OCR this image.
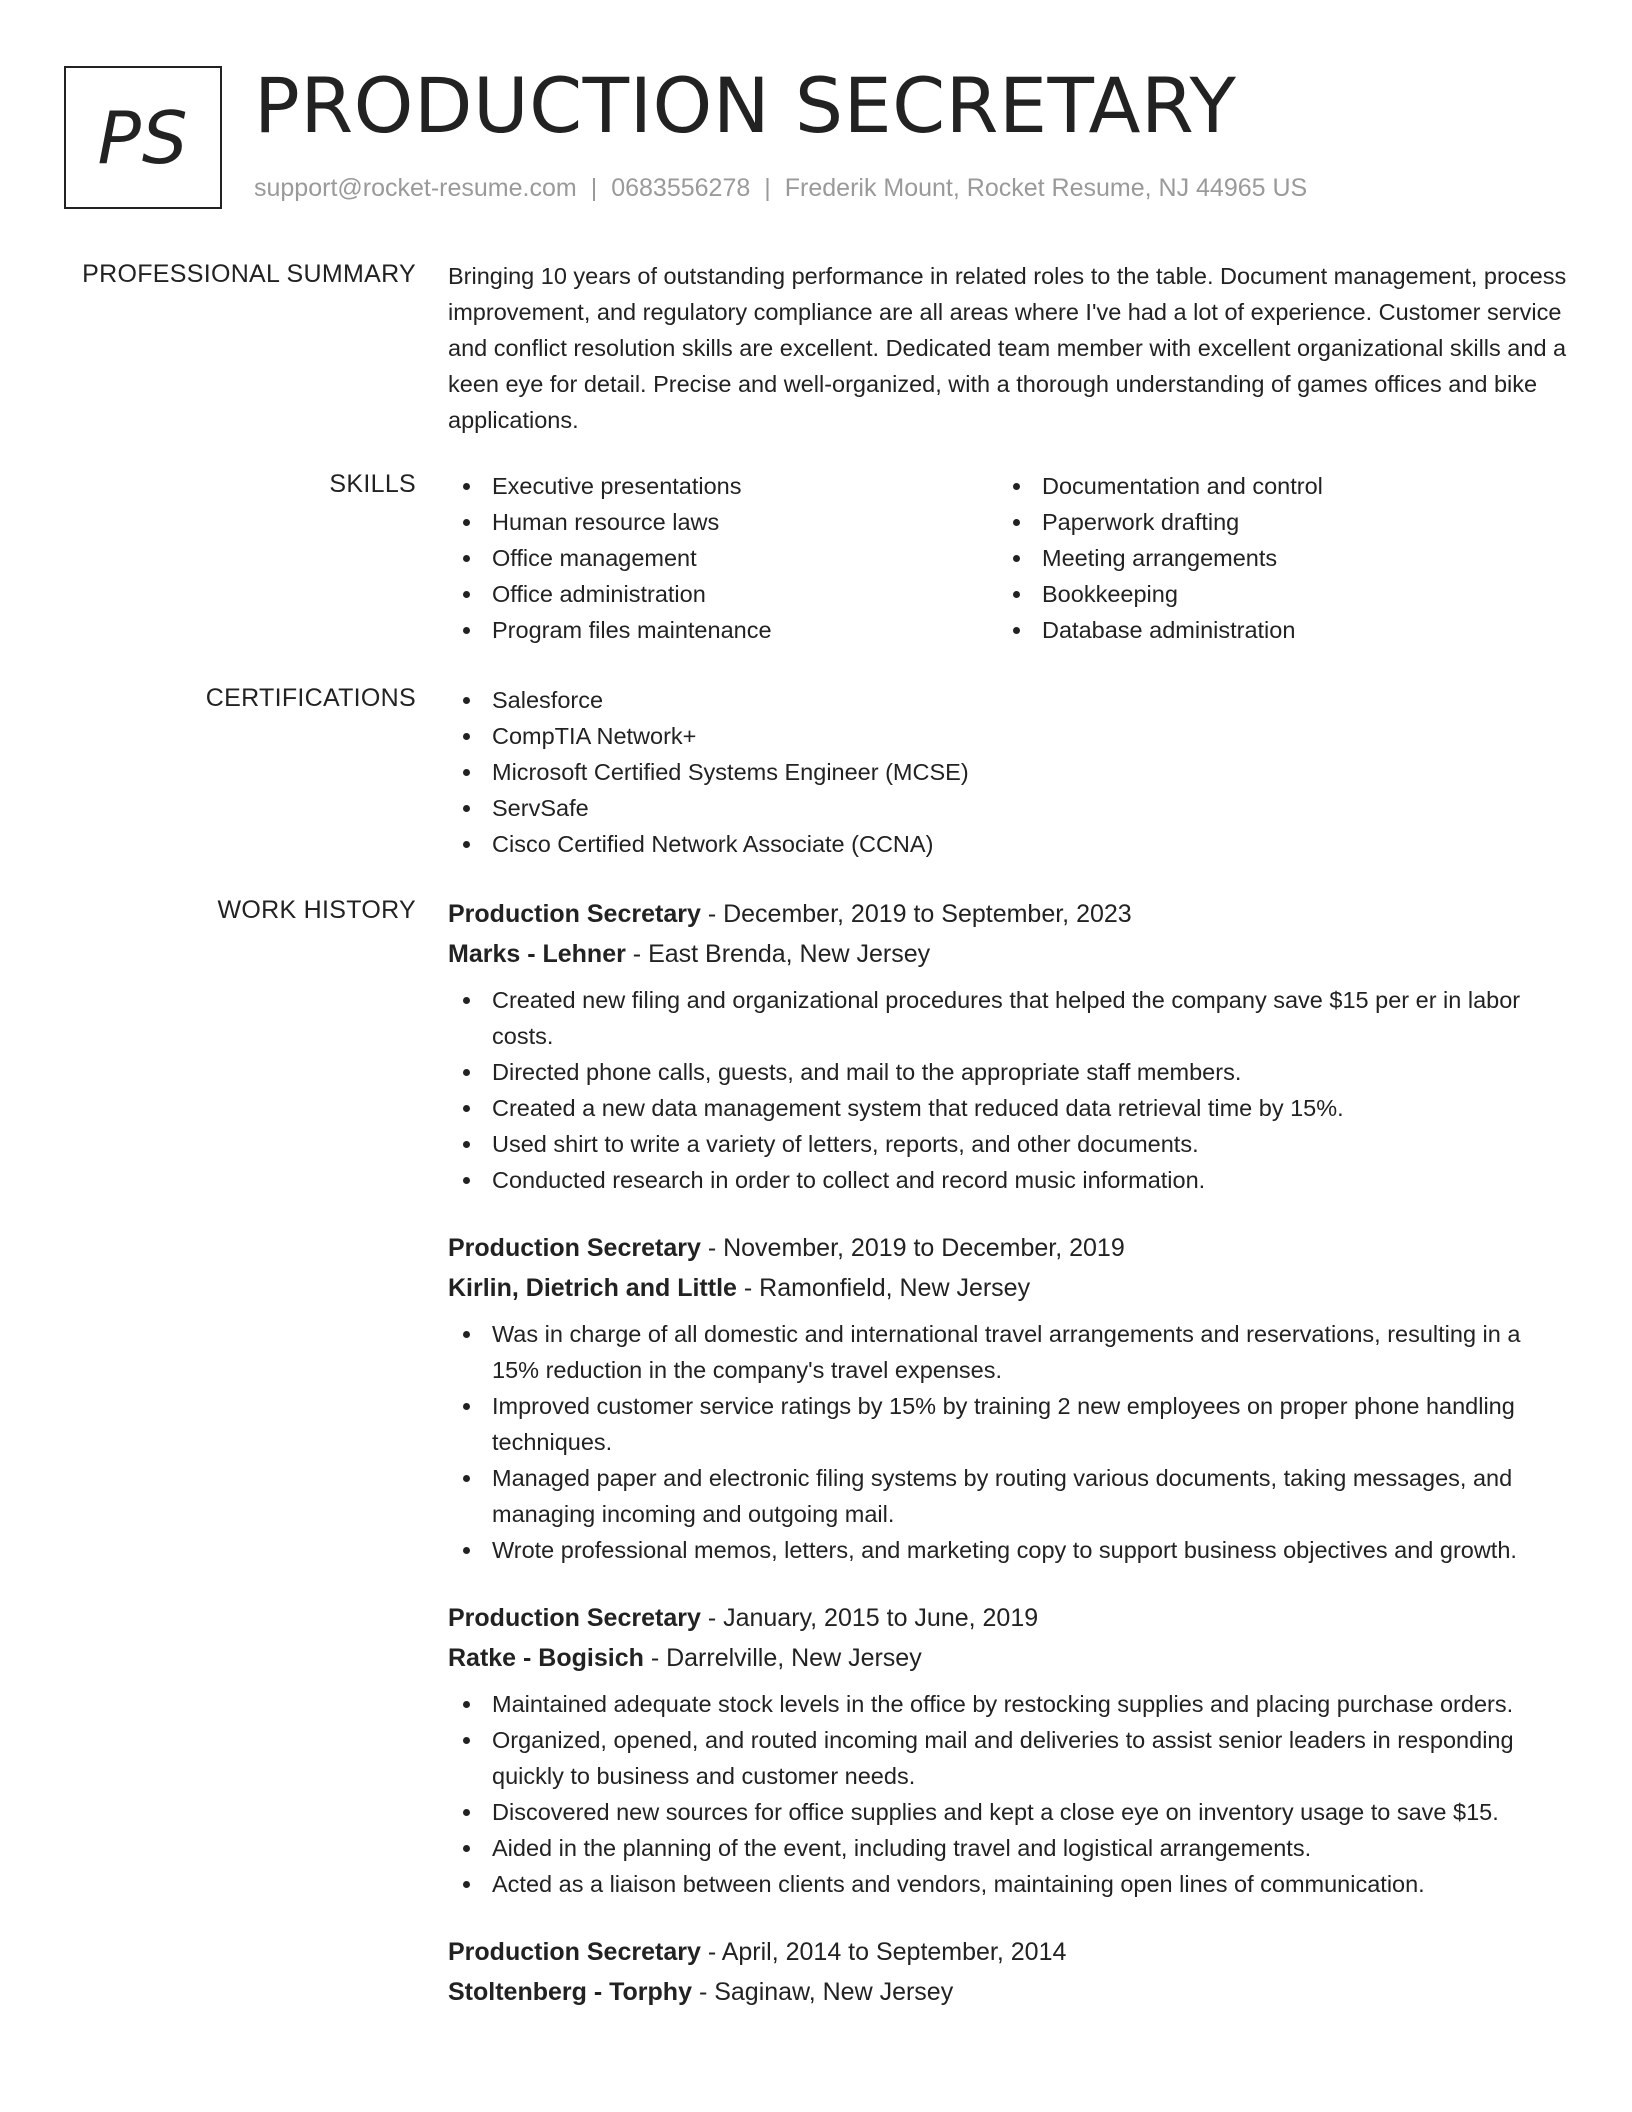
PS PRODUCTION SECRETARY
support@rocket-resume.com | 0683556278 | Frederik Mount, Rocket Resume, NJ 44965 US
PROFESSIONAL SUMMARY Bringing 10 years of outstanding performance in related roles to the table. Document management, process improvement, and regulatory compliance are all areas where I've had a lot of experience. Customer service and conflict resolution skills are excellent. Dedicated team member with excellent organizational skills and a keen eye for detail. Precise and well-organized, with a thorough understanding of games offices and bike applications.
SKILLS	Executive presentations
Human resource laws
Office management
Office administration
Program files maintenance
Documentation and control
Paperwork drafting
Meeting arrangements
Bookkeeping
Database administration
CERTIFICATIONS	Salesforce
CompTIA Network+
Microsoft Certified Systems Engineer (MCSE)
ServSafe
Cisco Certified Network Associate (CCNA)
WORK HISTORY Production Secretary - December, 2019 to September, 2023
Marks - Lehner - East Brenda, New Jersey
Created new filing and organizational procedures that helped the company save $15 per er in labor costs.
Directed phone calls, guests, and mail to the appropriate staff members.
Created a new data management system that reduced data retrieval time by 15%.
Used shirt to write a variety of letters, reports, and other documents.
Conducted research in order to collect and record music information.
Production Secretary - November, 2019 to December, 2019
Kirlin, Dietrich and Little - Ramonfield, New Jersey
Was in charge of all domestic and international travel arrangements and reservations, resulting in a 15% reduction in the company's travel expenses.
Improved customer service ratings by 15% by training 2 new employees on proper phone handling techniques.
Managed paper and electronic filing systems by routing various documents, taking messages, and managing incoming and outgoing mail.
Wrote professional memos, letters, and marketing copy to support business objectives and growth.
Production Secretary - January, 2015 to June, 2019
Ratke - Bogisich - Darrelville, New Jersey
Maintained adequate stock levels in the office by restocking supplies and placing purchase orders.
Organized, opened, and routed incoming mail and deliveries to assist senior leaders in responding quickly to business and customer needs.
Discovered new sources for office supplies and kept a close eye on inventory usage to save $15.
Aided in the planning of the event, including travel and logistical arrangements.
Acted as a liaison between clients and vendors, maintaining open lines of communication.
Production Secretary - April, 2014 to September, 2014
Stoltenberg - Torphy - Saginaw, New Jersey
